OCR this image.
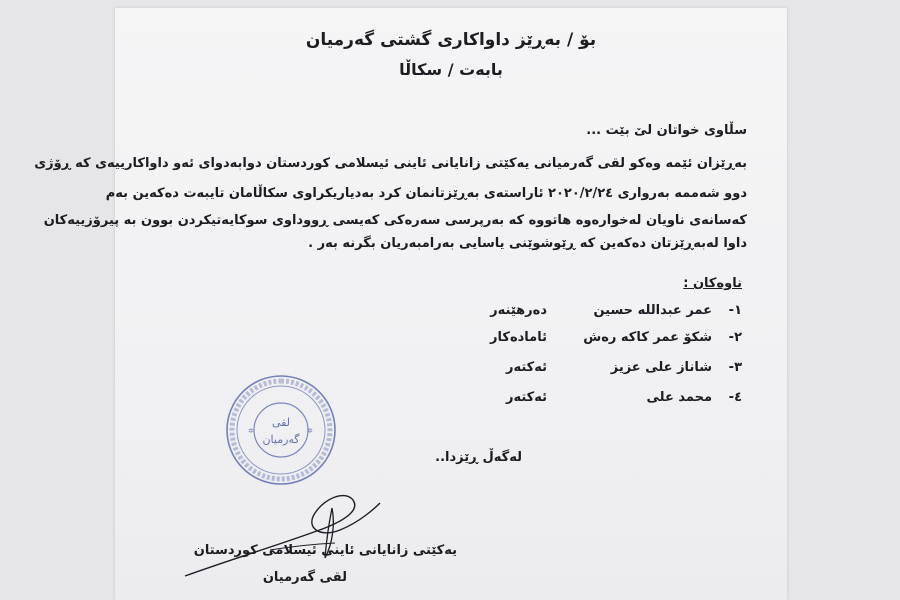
بۆ / بەڕێز داواکاری گشتی گەرمیان
بابەت / سکاڵا
سڵاوی خواتان لێ بێت ...
بەڕێزان ئێمە وەکو لقی گەرمیانی یەکێتی زانایانی ئاینی ئیسلامی کوردستان دوابەدوای ئەو داواکارییەی کە ڕۆژی
دوو شەممە بەرواری ٢٠٢٠/٢/٢٤ ئاراستەی بەڕێزتانمان کرد بەدیاریکراوی سکاڵامان تایبەت دەکەین بەم
کەسانەی ناویان لەخوارەوە هاتووە کە بەرپرسی سەرەکی کەیسی ڕووداوی سوکایەتیکردن بوون بە پیرۆزییەکان
داوا لەبەڕێزتان دەکەین کە ڕێوشوێنی یاسایی بەرامبەریان بگرنە بەر .
ناوەکان :
١-
عمر عبدالله حسین
دەرهێنەر
٢-
شکۆ عمر کاکە رەش
ئامادەکار
٣-
شاناز علی عزیز
ئەکتەر
٤-
محمد علی
ئەکتەر
✲	✲
لقی
گەرمیان
لەگەڵ ڕێزدا..
یەکێتی زانایانی ئاینی ئیسلامی کوردستان
لقی گەرمیان
